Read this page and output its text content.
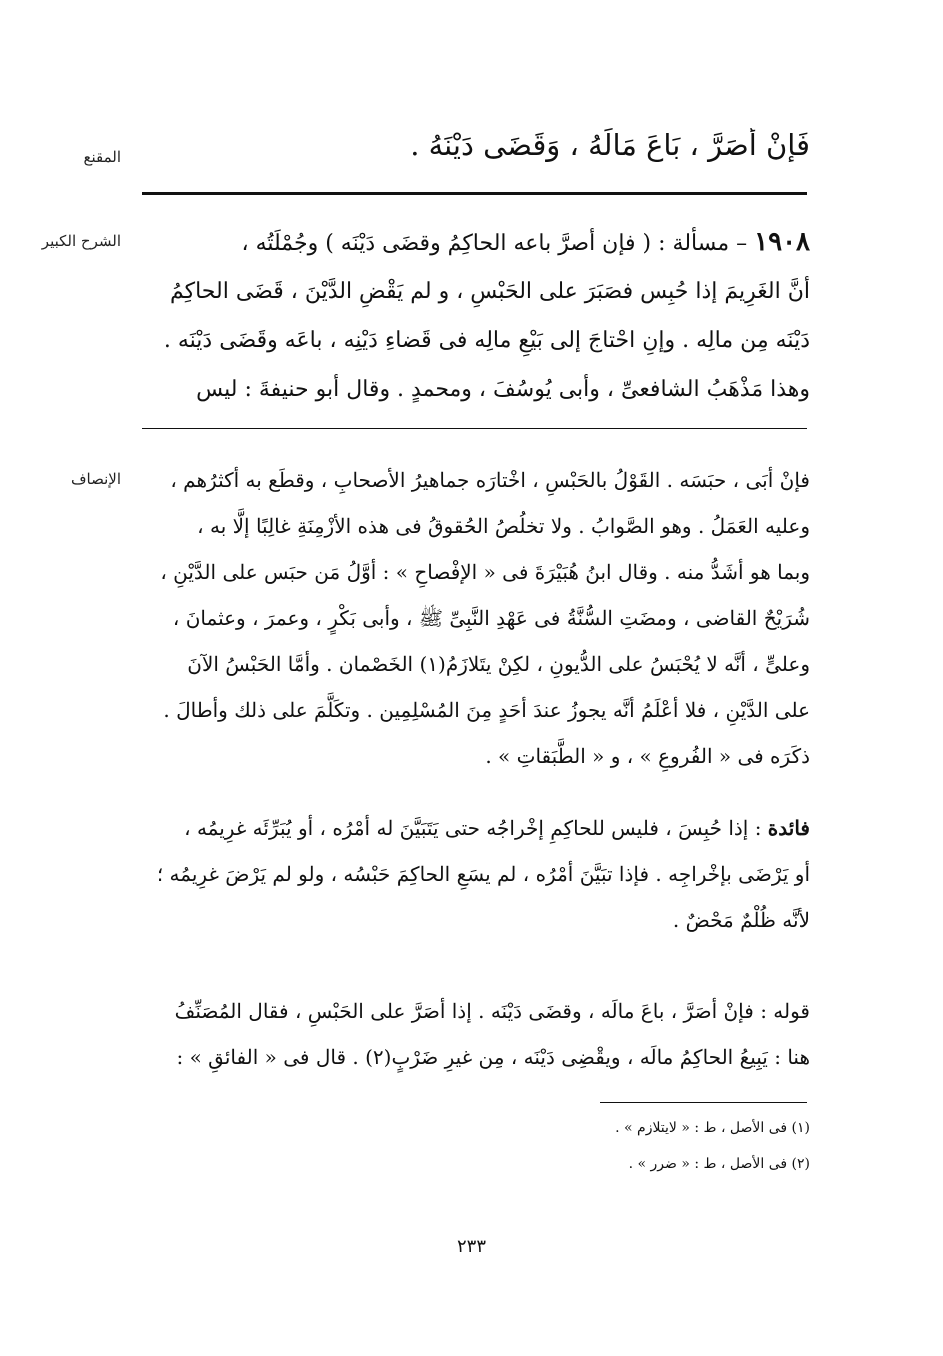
المقنع	فَإنْ أَصَرَّ ، بَاعَ مَالَهُ ، وَقَضَى دَيْنَهُ .
الشرح الكبير	١٩٠٨ – مسألة : ( فإن أصرَّ باعه الحاكِمُ وقضَى دَيْنَه ) وجُمْلَتُه ،
أنَّ الغَرِيمَ إذا حُبِس فصَبَرَ على الحَبْسِ ، و لم يَقْضِ الدَّيْنَ ، قَضَى الحاكِمُ
دَيْنَه مِن مالِه . وإنِ احْتاجَ إلى بَيْعِ مالِه فى قَضاءِ دَيْنِه ، باعَه وقَضَى دَيْنَه .
وهذا مَذْهَبُ الشافعىِّ ، وأبى يُوسُفَ ، ومحمدٍ . وقال أبو حنيفةَ : ليس
الإنصاف	فإنْ أبَى ، حبَسَه . القَوْلُ بالحَبْسِ ، اخْتارَه جماهيرُ الأصحابِ ، وقطَع به أكثرُهم ،
وعليه العَمَلُ . وهو الصَّوابُ . ولا تخلُصُ الحُقوقُ فى هذه الأزْمِنَةِ غالِبًا إلَّا به ،
وبما هو أشَدُّ منه . وقال ابنُ هُبَيْرَةَ فى « الإفْصاحِ » : أوَّلُ مَن حبَس على الدَّيْنِ ،
شُرَيْحٌ القاضى ، ومضَتِ السُّنَّةُ فى عَهْدِ النَّبِىِّ ﷺ ، وأبى بَكْرٍ ، وعمرَ ، وعثمانَ ،
وعلىٍّ ، أنَّه لا يُحْبَسُ على الدُّيونِ ، لكِنْ يتَلازَمُ(١) الخَصْمان . وأمَّا الحَبْسُ الآنَ
على الدَّيْنِ ، فلا أعْلَمُ أنَّه يجوزُ عندَ أحَدٍ مِنَ المُسْلِمِين . وتكَلَّمَ على ذلك وأطالَ .
ذكَرَه فى « الفُروعِ » ، و « الطَّبَقاتِ » .
فائدة : إذا حُبِسَ ، فليس للحاكِمِ إخْراجُه حتى يَتَبَيَّنَ له أمْرُه ، أو يُبَرِّئَه غرِيمُه ،
أو يَرْضَى بإخْراجِه . فإذا تبَيَّنَ أمْرُه ، لم يسَعِ الحاكِمَ حَبْسُه ، ولو لم يَرْضَ غرِيمُه ؛
لأنَّه ظُلْمٌ مَحْضٌ .
قوله : فإنْ أصَرَّ ، باعَ مالَه ، وقضَى دَيْنَه . إذا أصَرَّ على الحَبْسِ ، فقال المُصَنِّفُ
هنا : يَبِيعُ الحاكِمُ مالَه ، ويقْضِى دَيْنَه ، مِن غيرِ ضَرْبٍ(٢) . قال فى « الفائقِ » :
(١) فى الأصل ، ط : « لايتلازم » .
(٢) فى الأصل ، ط : « ضرر » .
٢٣٣
